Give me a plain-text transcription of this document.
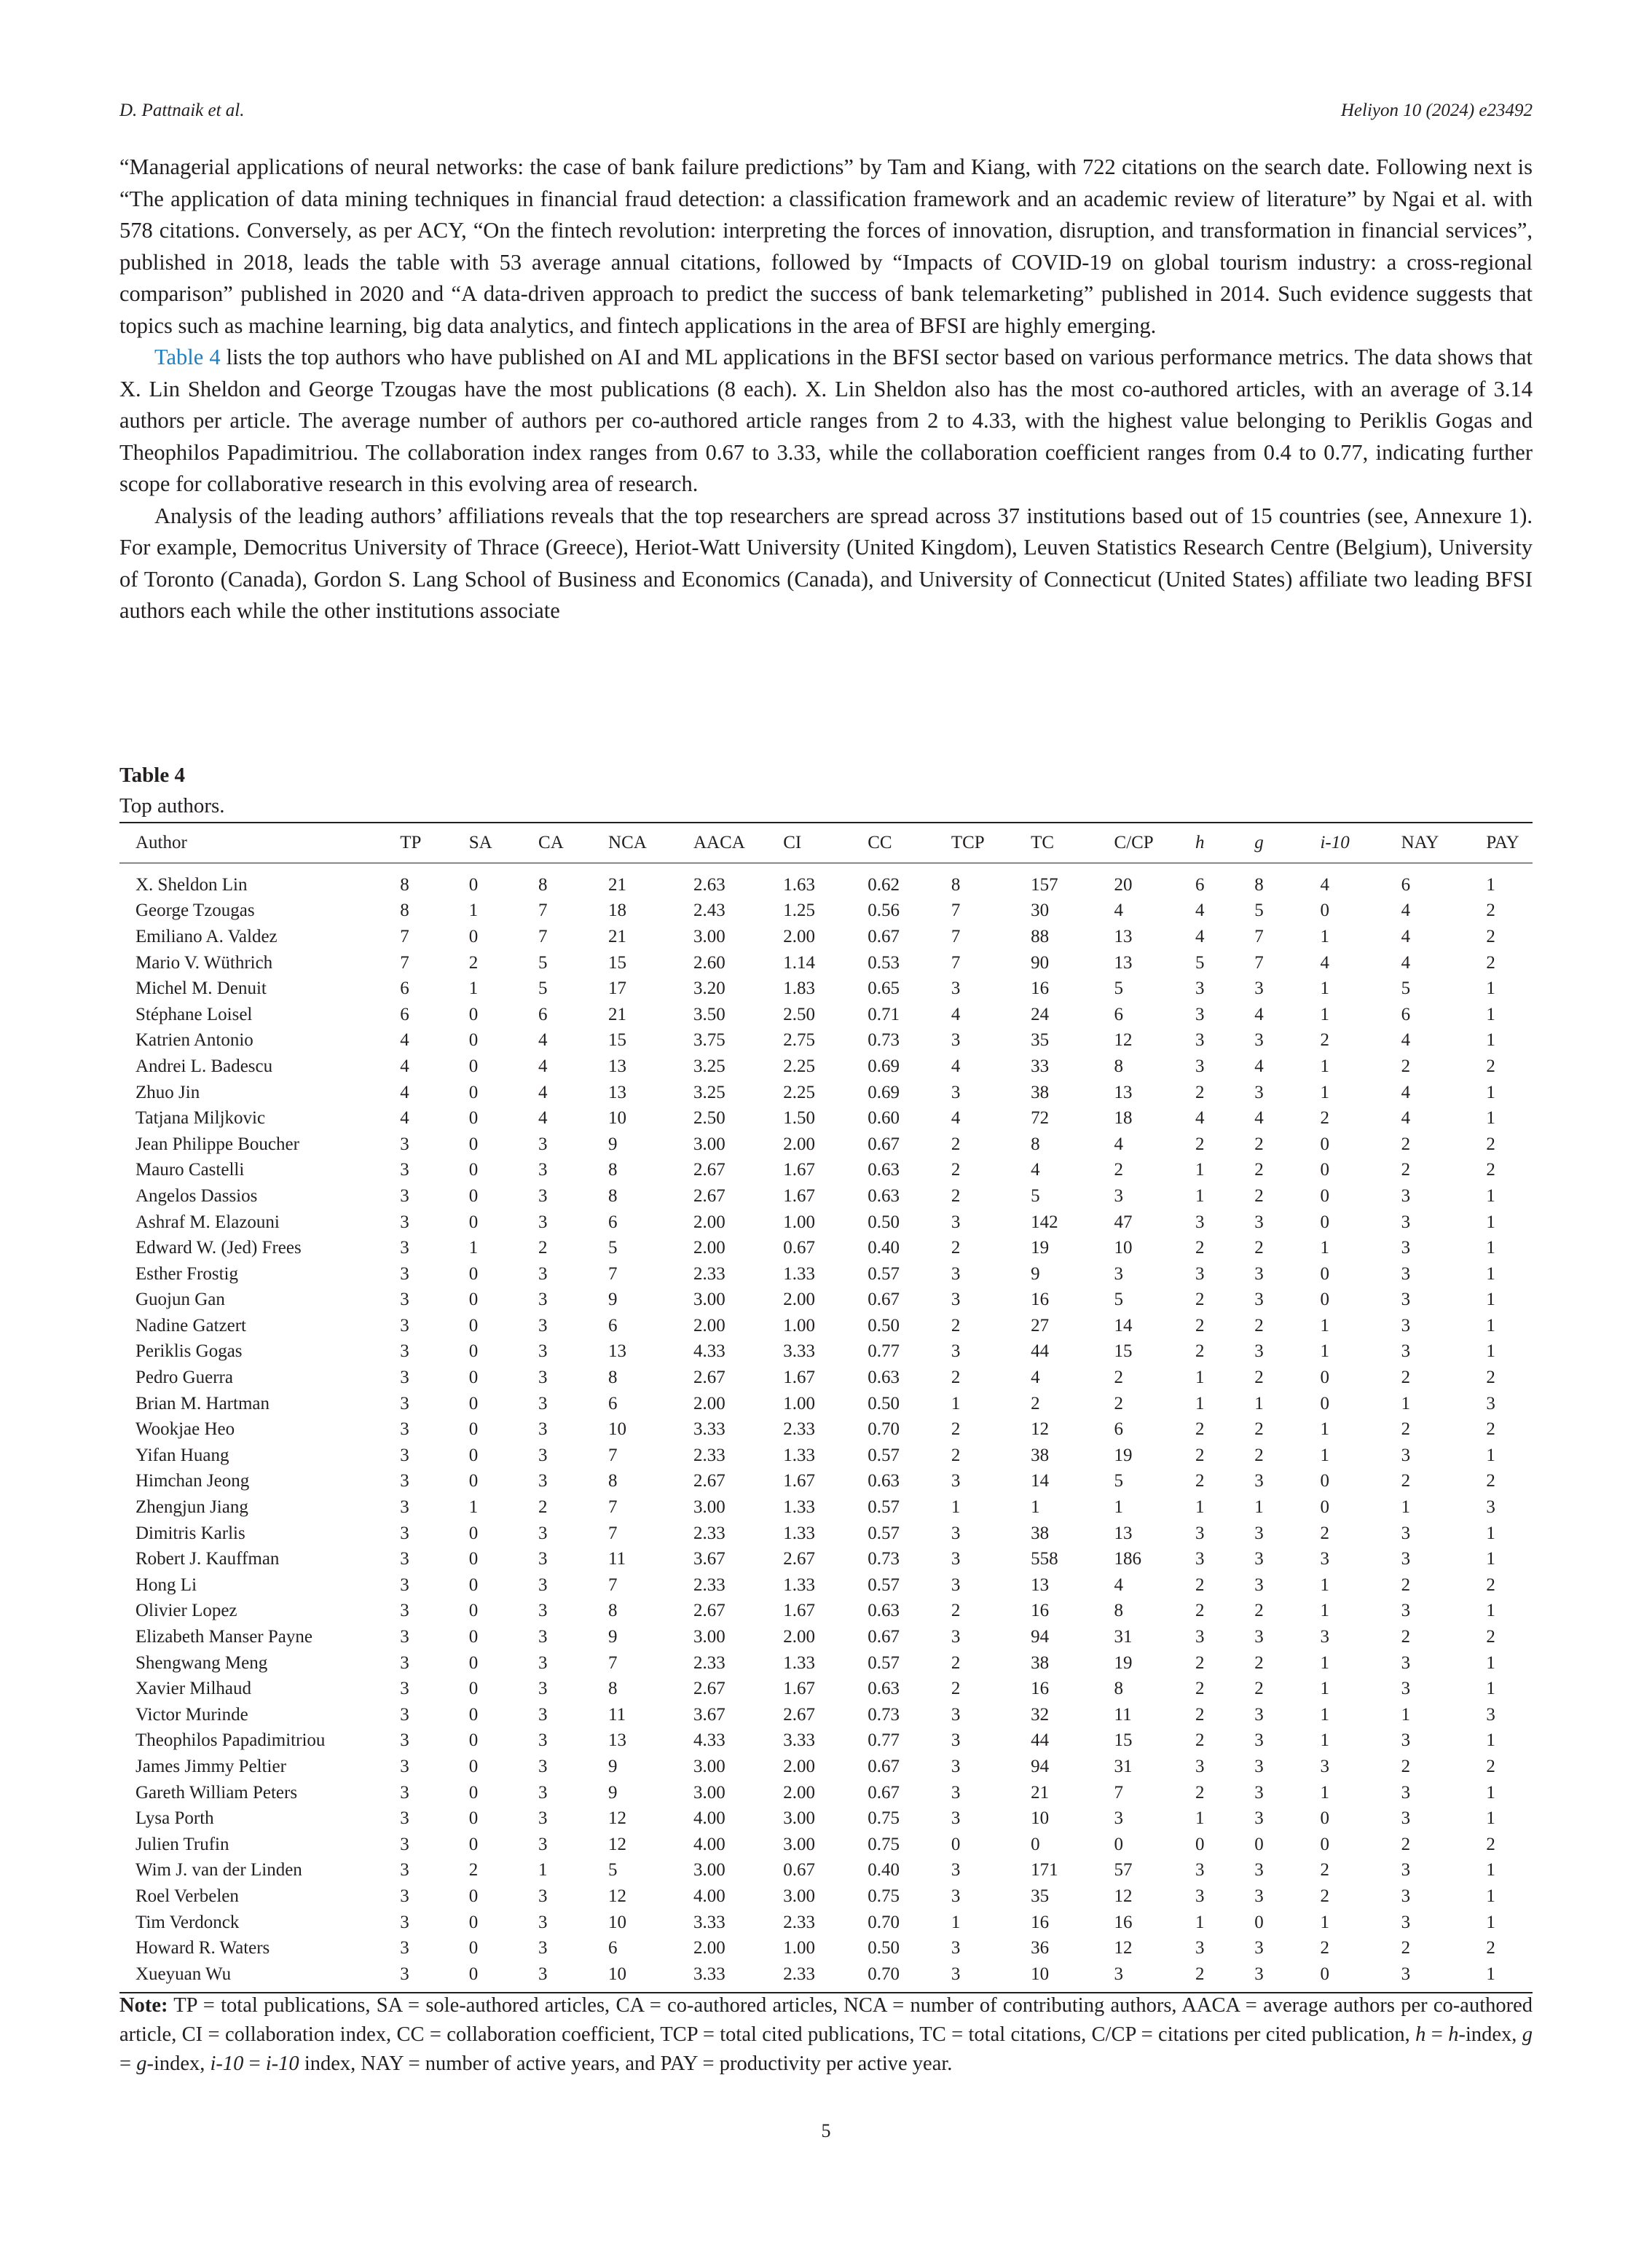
D. Pattnaik et al.	Heliyon 10 (2024) e23492

“Managerial applications of neural networks: the case of bank failure predictions” by Tam and Kiang, with 722 citations on the search date. Following next is “The application of data mining techniques in financial fraud detection: a classification framework and an academic review of literature” by Ngai et al. with 578 citations. Conversely, as per ACY, “On the fintech revolution: interpreting the forces of innovation, disruption, and transformation in financial services”, published in 2018, leads the table with 53 average annual citations, followed by “Impacts of COVID-19 on global tourism industry: a cross-regional comparison” published in 2020 and “A data-driven approach to predict the success of bank telemarketing” published in 2014. Such evidence suggests that topics such as machine learning, big data analytics, and fintech applications in the area of BFSI are highly emerging.

Table 4 lists the top authors who have published on AI and ML applications in the BFSI sector based on various performance metrics. The data shows that X. Lin Sheldon and George Tzougas have the most publications (8 each). X. Lin Sheldon also has the most co-authored articles, with an average of 3.14 authors per article. The average number of authors per co-authored article ranges from 2 to 4.33, with the highest value belonging to Periklis Gogas and Theophilos Papadimitriou. The collaboration index ranges from 0.67 to 3.33, while the collaboration coefficient ranges from 0.4 to 0.77, indicating further scope for collaborative research in this evolving area of research.

Analysis of the leading authors’ affiliations reveals that the top researchers are spread across 37 institutions based out of 15 countries (see, Annexure 1). For example, Democritus University of Thrace (Greece), Heriot-Watt University (United Kingdom), Leuven Statistics Research Centre (Belgium), University of Toronto (Canada), Gordon S. Lang School of Business and Economics (Canada), and University of Connecticut (United States) affiliate two leading BFSI authors each while the other institutions associate

Table 4
Top authors.
Author	TP	SA	CA	NCA	AACA	CI	CC	TCP	TC	C/CP	h	g	i-10	NAY	PAY
X. Sheldon Lin	8	0	8	21	2.63	1.63	0.62	8	157	20	6	8	4	6	1
George Tzougas	8	1	7	18	2.43	1.25	0.56	7	30	4	4	5	0	4	2
Emiliano A. Valdez	7	0	7	21	3.00	2.00	0.67	7	88	13	4	7	1	4	2
Mario V. Wüthrich	7	2	5	15	2.60	1.14	0.53	7	90	13	5	7	4	4	2
Michel M. Denuit	6	1	5	17	3.20	1.83	0.65	3	16	5	3	3	1	5	1
Stéphane Loisel	6	0	6	21	3.50	2.50	0.71	4	24	6	3	4	1	6	1
Katrien Antonio	4	0	4	15	3.75	2.75	0.73	3	35	12	3	3	2	4	1
Andrei L. Badescu	4	0	4	13	3.25	2.25	0.69	4	33	8	3	4	1	2	2
Zhuo Jin	4	0	4	13	3.25	2.25	0.69	3	38	13	2	3	1	4	1
Tatjana Miljkovic	4	0	4	10	2.50	1.50	0.60	4	72	18	4	4	2	4	1
Jean Philippe Boucher	3	0	3	9	3.00	2.00	0.67	2	8	4	2	2	0	2	2
Mauro Castelli	3	0	3	8	2.67	1.67	0.63	2	4	2	1	2	0	2	2
Angelos Dassios	3	0	3	8	2.67	1.67	0.63	2	5	3	1	2	0	3	1
Ashraf M. Elazouni	3	0	3	6	2.00	1.00	0.50	3	142	47	3	3	0	3	1
Edward W. (Jed) Frees	3	1	2	5	2.00	0.67	0.40	2	19	10	2	2	1	3	1
Esther Frostig	3	0	3	7	2.33	1.33	0.57	3	9	3	3	3	0	3	1
Guojun Gan	3	0	3	9	3.00	2.00	0.67	3	16	5	2	3	0	3	1
Nadine Gatzert	3	0	3	6	2.00	1.00	0.50	2	27	14	2	2	1	3	1
Periklis Gogas	3	0	3	13	4.33	3.33	0.77	3	44	15	2	3	1	3	1
Pedro Guerra	3	0	3	8	2.67	1.67	0.63	2	4	2	1	2	0	2	2
Brian M. Hartman	3	0	3	6	2.00	1.00	0.50	1	2	2	1	1	0	1	3
Wookjae Heo	3	0	3	10	3.33	2.33	0.70	2	12	6	2	2	1	2	2
Yifan Huang	3	0	3	7	2.33	1.33	0.57	2	38	19	2	2	1	3	1
Himchan Jeong	3	0	3	8	2.67	1.67	0.63	3	14	5	2	3	0	2	2
Zhengjun Jiang	3	1	2	7	3.00	1.33	0.57	1	1	1	1	1	0	1	3
Dimitris Karlis	3	0	3	7	2.33	1.33	0.57	3	38	13	3	3	2	3	1
Robert J. Kauffman	3	0	3	11	3.67	2.67	0.73	3	558	186	3	3	3	3	1
Hong Li	3	0	3	7	2.33	1.33	0.57	3	13	4	2	3	1	2	2
Olivier Lopez	3	0	3	8	2.67	1.67	0.63	2	16	8	2	2	1	3	1
Elizabeth Manser Payne	3	0	3	9	3.00	2.00	0.67	3	94	31	3	3	3	2	2
Shengwang Meng	3	0	3	7	2.33	1.33	0.57	2	38	19	2	2	1	3	1
Xavier Milhaud	3	0	3	8	2.67	1.67	0.63	2	16	8	2	2	1	3	1
Victor Murinde	3	0	3	11	3.67	2.67	0.73	3	32	11	2	3	1	1	3
Theophilos Papadimitriou	3	0	3	13	4.33	3.33	0.77	3	44	15	2	3	1	3	1
James Jimmy Peltier	3	0	3	9	3.00	2.00	0.67	3	94	31	3	3	3	2	2
Gareth William Peters	3	0	3	9	3.00	2.00	0.67	3	21	7	2	3	1	3	1
Lysa Porth	3	0	3	12	4.00	3.00	0.75	3	10	3	1	3	0	3	1
Julien Trufin	3	0	3	12	4.00	3.00	0.75	0	0	0	0	0	0	2	2
Wim J. van der Linden	3	2	1	5	3.00	0.67	0.40	3	171	57	3	3	2	3	1
Roel Verbelen	3	0	3	12	4.00	3.00	0.75	3	35	12	3	3	2	3	1
Tim Verdonck	3	0	3	10	3.33	2.33	0.70	1	16	16	1	0	1	3	1
Howard R. Waters	3	0	3	6	2.00	1.00	0.50	3	36	12	3	3	2	2	2
Xueyuan Wu	3	0	3	10	3.33	2.33	0.70	3	10	3	2	3	0	3	1
Note: TP = total publications, SA = sole-authored articles, CA = co-authored articles, NCA = number of contributing authors, AACA = average authors per co-authored article, CI = collaboration index, CC = collaboration coefficient, TCP = total cited publications, TC = total citations, C/CP = citations per cited publication, h = h-index, g = g-index, i-10 = i-10 index, NAY = number of active years, and PAY = productivity per active year.
5
